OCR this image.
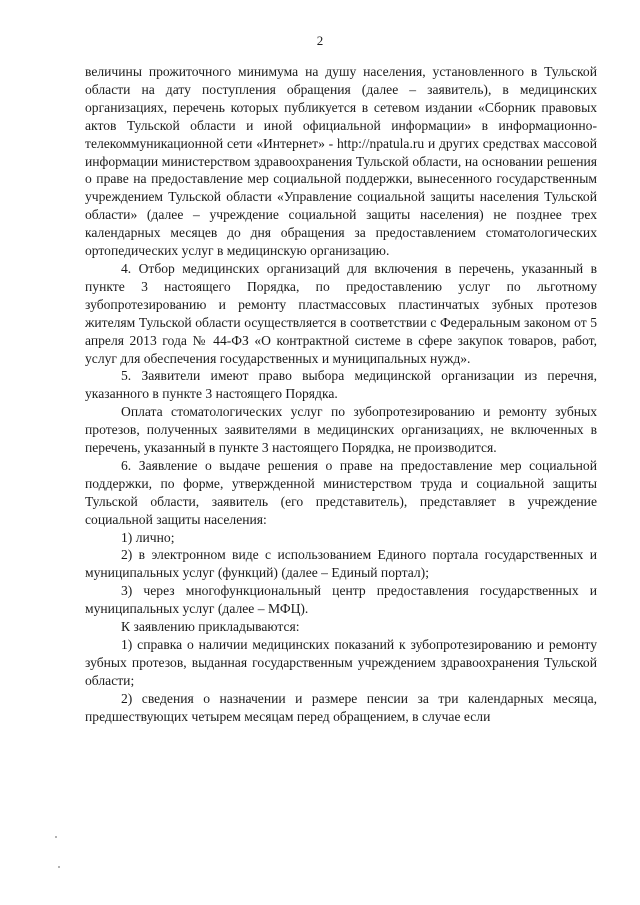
2

величины прожиточного минимума на душу населения, установленного в Тульской области на дату поступления обращения (далее – заявитель), в медицинских организациях, перечень которых публикуется в сетевом издании «Сборник правовых актов Тульской области и иной официальной информации» в информационно-телекоммуникационной сети «Интернет» - http://npatula.ru и других средствах массовой информации министерством здравоохранения Тульской области, на основании решения о праве на предоставление мер социальной поддержки, вынесенного государственным учреждением Тульской области «Управление социальной защиты населения Тульской области» (далее – учреждение социальной защиты населения) не позднее трех календарных месяцев до дня обращения за предоставлением стоматологических ортопедических услуг в медицинскую организацию.

4. Отбор медицинских организаций для включения в перечень, указанный в пункте 3 настоящего Порядка, по предоставлению услуг по льготному зубопротезированию и ремонту пластмассовых пластинчатых зубных протезов жителям Тульской области осуществляется в соответствии с Федеральным законом от 5 апреля 2013 года № 44-ФЗ «О контрактной системе в сфере закупок товаров, работ, услуг для обеспечения государственных и муниципальных нужд».

5. Заявители имеют право выбора медицинской организации из перечня, указанного в пункте 3 настоящего Порядка.

Оплата стоматологических услуг по зубопротезированию и ремонту зубных протезов, полученных заявителями в медицинских организациях, не включенных в перечень, указанный в пункте 3 настоящего Порядка, не производится.

6. Заявление о выдаче решения о праве на предоставление мер социальной поддержки, по форме, утвержденной министерством труда и социальной защиты Тульской области, заявитель (его представитель), представляет в учреждение социальной защиты населения:

1) лично;

2) в электронном виде с использованием Единого портала государственных и муниципальных услуг (функций) (далее – Единый портал);

3) через многофункциональный центр предоставления государственных и муниципальных услуг (далее – МФЦ).

К заявлению прикладываются:

1) справка о наличии медицинских показаний к зубопротезированию и ремонту зубных протезов, выданная государственным учреждением здравоохранения Тульской области;

2) сведения о назначении и размере пенсии за три календарных месяца, предшествующих четырем месяцам перед обращением, в случае если
